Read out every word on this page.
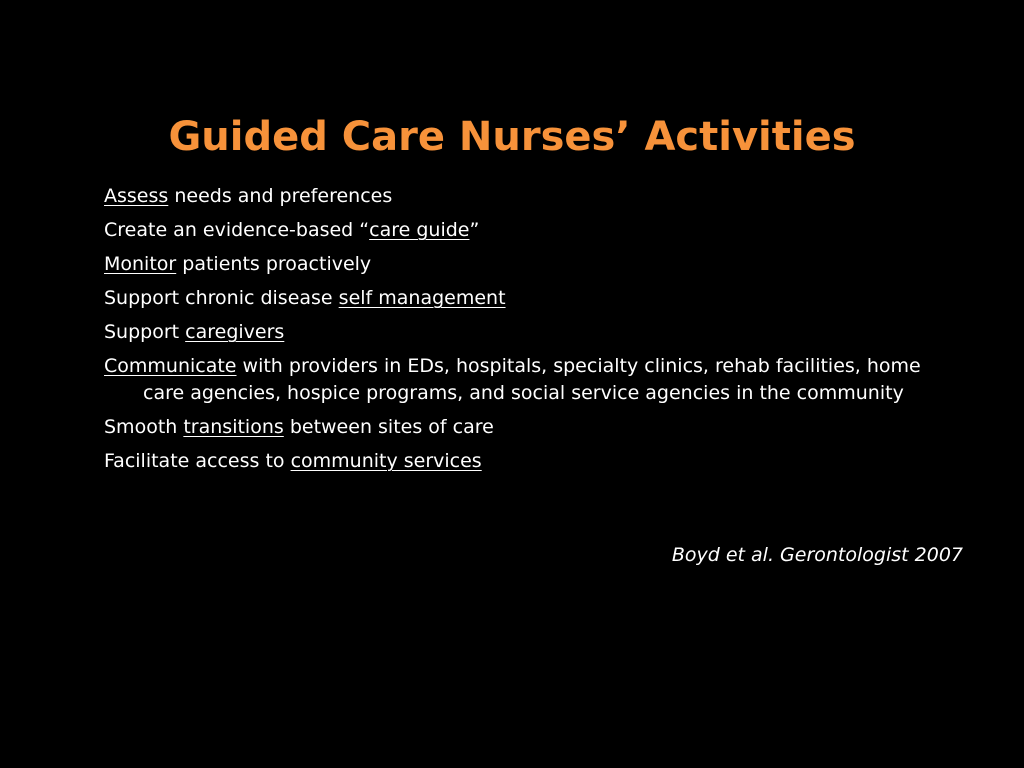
Guided Care Nurses’ Activities
Assess needs and preferences
Create an evidence-based “care guide”
Monitor patients proactively
Support chronic disease self management
Support caregivers
Communicate with providers in EDs, hospitals, specialty clinics, rehab facilities, home care agencies, hospice programs, and social service agencies in the community
Smooth transitions between sites of care
Facilitate access to community services
Boyd et al. Gerontologist 2007
